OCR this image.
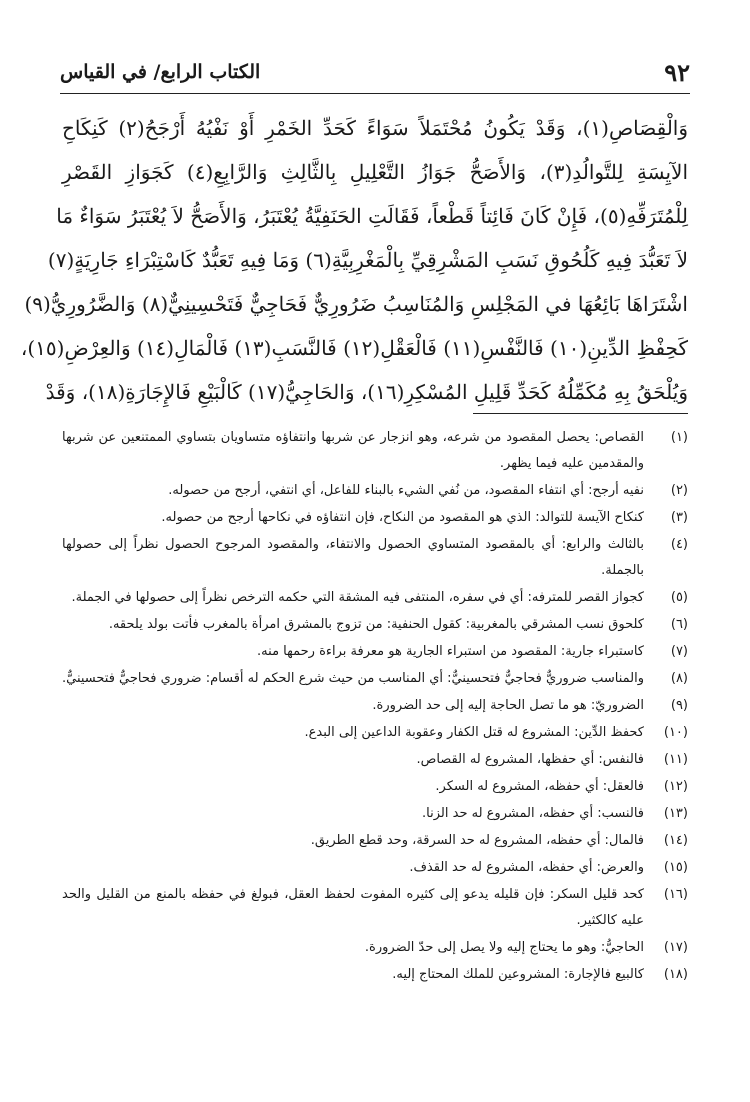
٩٢
الكتاب الرابع/ في القياس
وَالْقِصَاصِ(١)، وَقَدْ يَكُونُ مُحْتَمَلاً سَوَاءً كَحَدِّ الخَمْرِ أَوْ نَفْيُهُ أَرْجَحُ(٢) كَنِكَاحِ
الآيِسَةِ لِلتَّوالُدِ(٣)، وَالأَصَحُّ جَوَازُ التَّعْلِيلِ بِالثَّالِثِ وَالرَّابِعِ(٤) كَجَوَازِ القَصْرِ
لِلْمُتَرَفِّهِ(٥)، فَإِنْ كَانَ فَائِتاً قَطْعاً، فَقَالَتِ الحَنَفِيَّةُ يُعْتَبَرُ، وَالأَصَحُّ لاَ يُعْتَبَرُ سَوَاءٌ مَا
لاَ تَعَبُّدَ فِيهِ كَلُحُوقِ نَسَبِ المَشْرِقِيِّ بِالْمَغْرِبِيَّةِ(٦) وَمَا فِيهِ تَعَبُّدٌ كَاسْتِبْرَاءِ جَارِيَةٍ(٧)
اشْتَرَاهَا بَائِعُهَا في المَجْلِسِ وَالمُنَاسِبُ ضَرُورِيٌّ فَحَاجِيٌّ فَتَحْسِينِيٌّ(٨) وَالضَّرُورِيُّ(٩)
كَحِفْظِ الدِّينِ(١٠) فَالنَّفْسِ(١١) فَالْعَقْلِ(١٢) فَالنَّسَبِ(١٣) فَالْمَالِ(١٤) وَالعِرْضِ(١٥)،
وَيُلْحَقُ بِهِ مُكَمِّلُهُ كَحَدِّ قَلِيلِ المُسْكِرِ(١٦)، وَالحَاجِيُّ(١٧) كَالْبَيْعِ فَالإِجَارَةِ(١٨)، وَقَدْ
(١)
القصاص: يحصل المقصود من شرعه، وهو انزجار عن شربها وانتفاؤه متساويان بتساوي الممتنعين عن شربها والمقدمين عليه فيما يظهر.
(٢)
نفيه أرجح: أي انتفاء المقصود، من نُفي الشيء بالبناء للفاعل، أي انتفي، أرجح من حصوله.
(٣)
كنكاح الآيسة للتوالد: الذي هو المقصود من النكاح، فإن انتفاؤه في نكاحها أرجح من حصوله.
(٤)
بالثالث والرابع: أي بالمقصود المتساوي الحصول والانتفاء، والمقصود المرجوح الحصول نظراً إلى حصولها بالجملة.
(٥)
كجواز القصر للمترفه: أي في سفره، المنتفى فيه المشقة التي حكمه الترخص نظراً إلى حصولها في الجملة.
(٦)
كلحوق نسب المشرقي بالمغربية: كقول الحنفية: من تزوج بالمشرق امرأة بالمغرب فأتت بولد يلحقه.
(٧)
كاستبراء جارية: المقصود من استبراء الجارية هو معرفة براءة رحمها منه.
(٨)
والمناسب ضروريٌّ فحاجيٌّ فتحسينيٌّ: أي المناسب من حيث شرع الحكم له أقسام: ضروري فحاجيٌّ فتحسينيٌّ.
(٩)
الضروريّ: هو ما تصل الحاجة إليه إلى حد الضرورة.
(١٠)
كحفظ الدِّين: المشروع له قتل الكفار وعقوبة الداعين إلى البدع.
(١١)
فالنفس: أي حفظها، المشروع له القصاص.
(١٢)
فالعقل: أي حفظه، المشروع له السكر.
(١٣)
فالنسب: أي حفظه، المشروع له حد الزنا.
(١٤)
فالمال: أي حفظه، المشروع له حد السرقة، وحد قطع الطريق.
(١٥)
والعرض: أي حفظه، المشروع له حد القذف.
(١٦)
كحد قليل السكر: فإن قليله يدعو إلى كثيره المفوت لحفظ العقل، فبولغ في حفظه بالمنع من القليل والحد عليه كالكثير.
(١٧)
الحاجيُّ: وهو ما يحتاج إليه ولا يصل إلى حدّ الضرورة.
(١٨)
كالبيع فالإجارة: المشروعين للملك المحتاج إليه.
